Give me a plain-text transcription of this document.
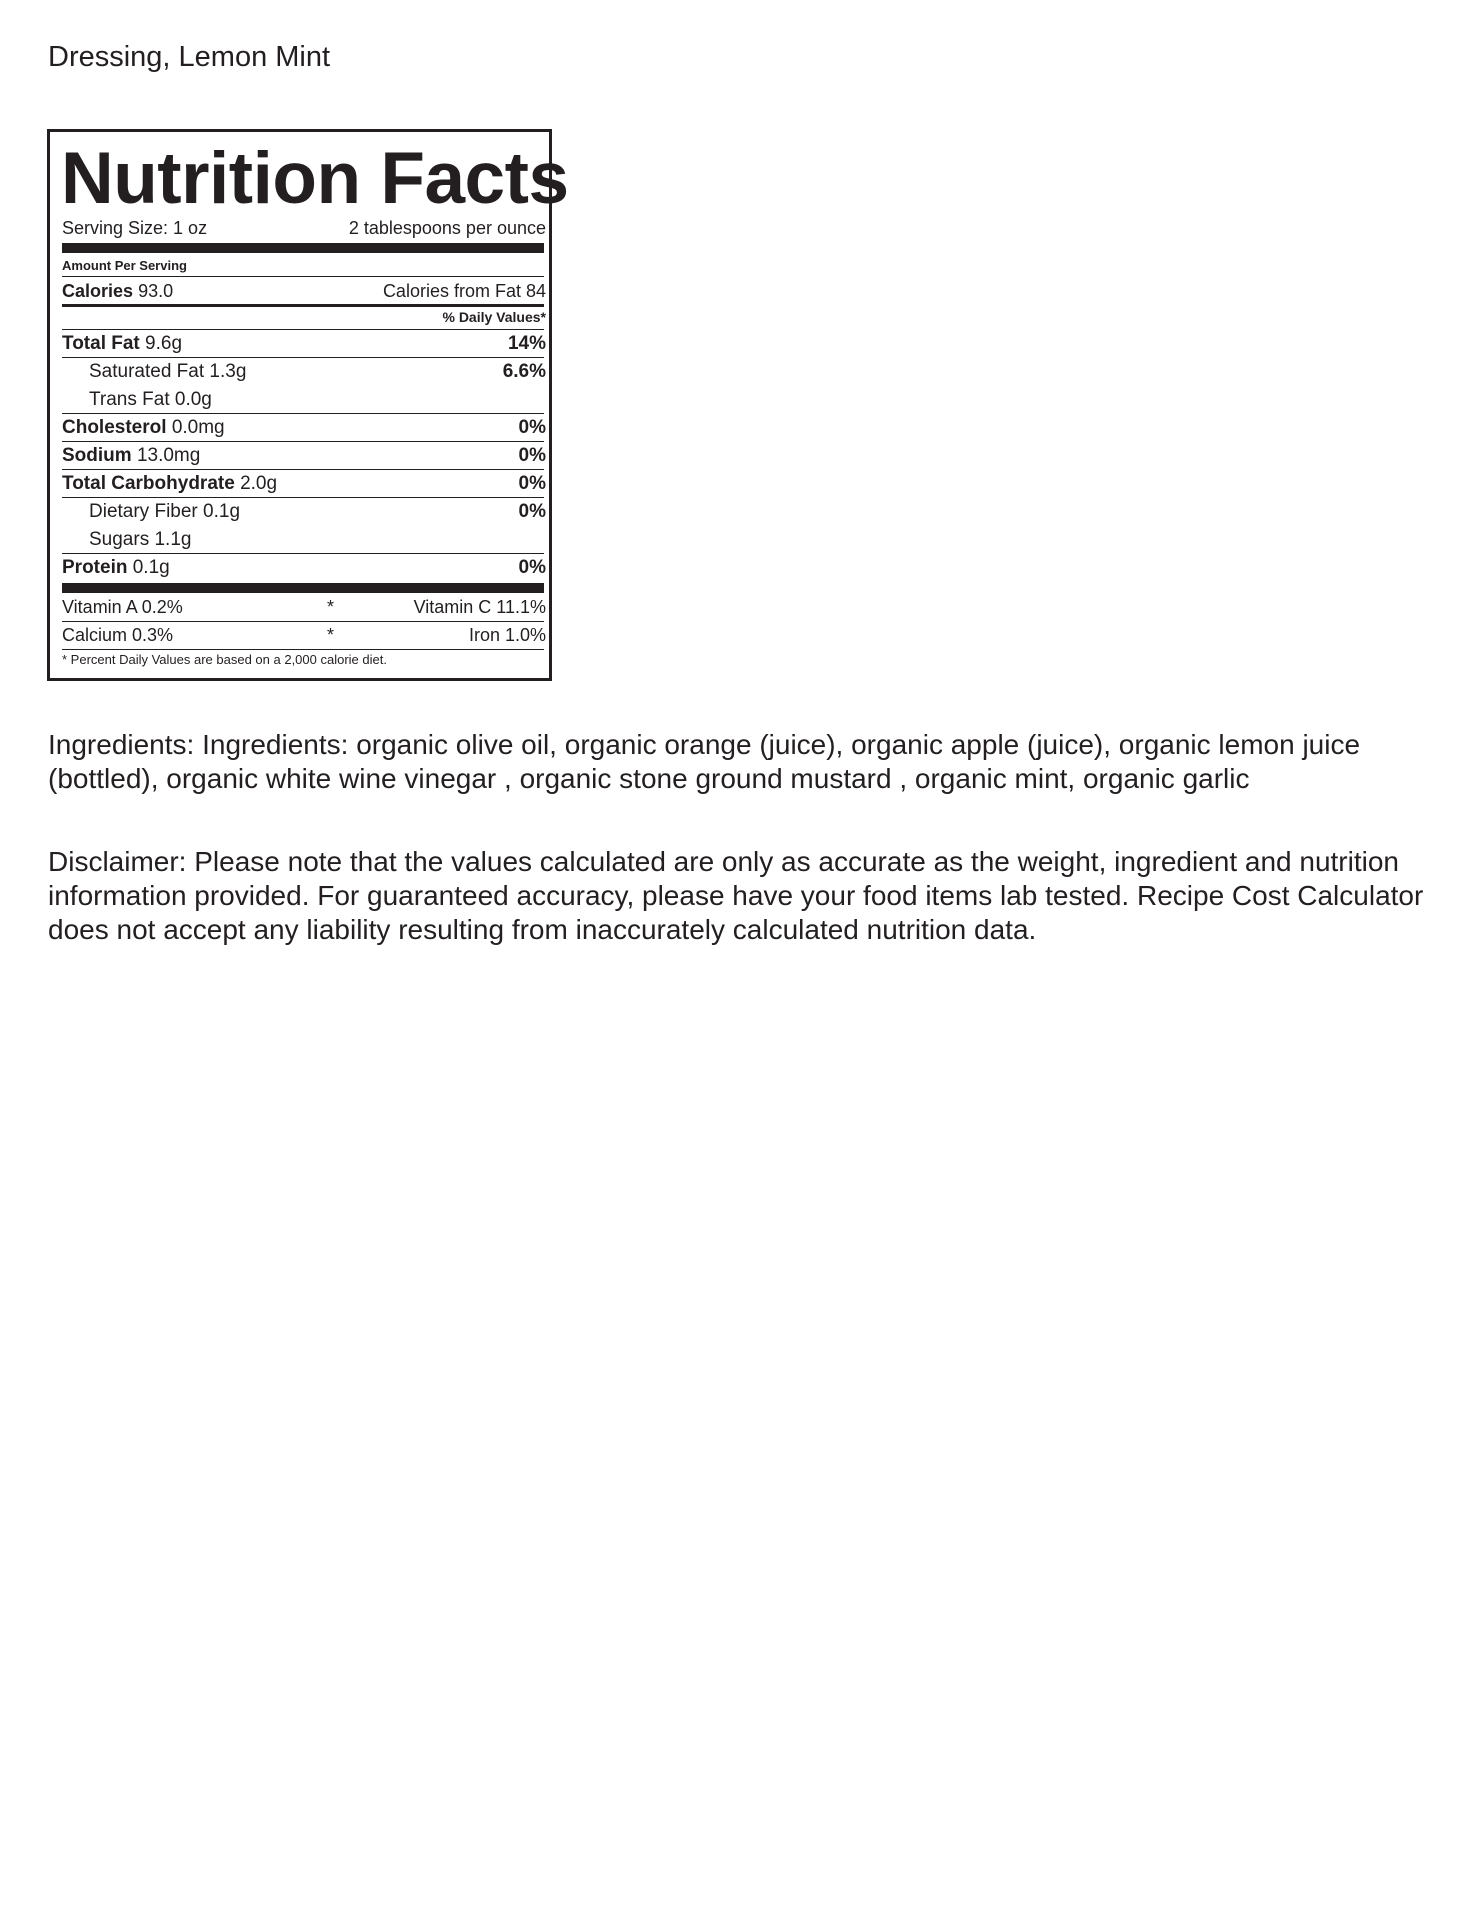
Dressing, Lemon Mint
Nutrition Facts
Serving Size: 1 oz	2 tablespoons per ounce
Amount Per Serving
Calories 93.0	Calories from Fat 84
% Daily Values*
Total Fat 9.6g	14%
Saturated Fat 1.3g	6.6%
Trans Fat 0.0g
Cholesterol 0.0mg	0%
Sodium 13.0mg	0%
Total Carbohydrate 2.0g	0%
Dietary Fiber 0.1g	0%
Sugars 1.1g
Protein 0.1g	0%
Vitamin A 0.2%	*	Vitamin C 11.1%
Calcium 0.3%	*	Iron 1.0%
* Percent Daily Values are based on a 2,000 calorie diet.
Ingredients: Ingredients: organic olive oil, organic orange (juice), organic apple (juice), organic lemon juice (bottled), organic white wine vinegar , organic stone ground mustard , organic mint, organic garlic
Disclaimer: Please note that the values calculated are only as accurate as the weight, ingredient and nutrition information provided. For guaranteed accuracy, please have your food items lab tested. Recipe Cost Calculator does not accept any liability resulting from inaccurately calculated nutrition data.
